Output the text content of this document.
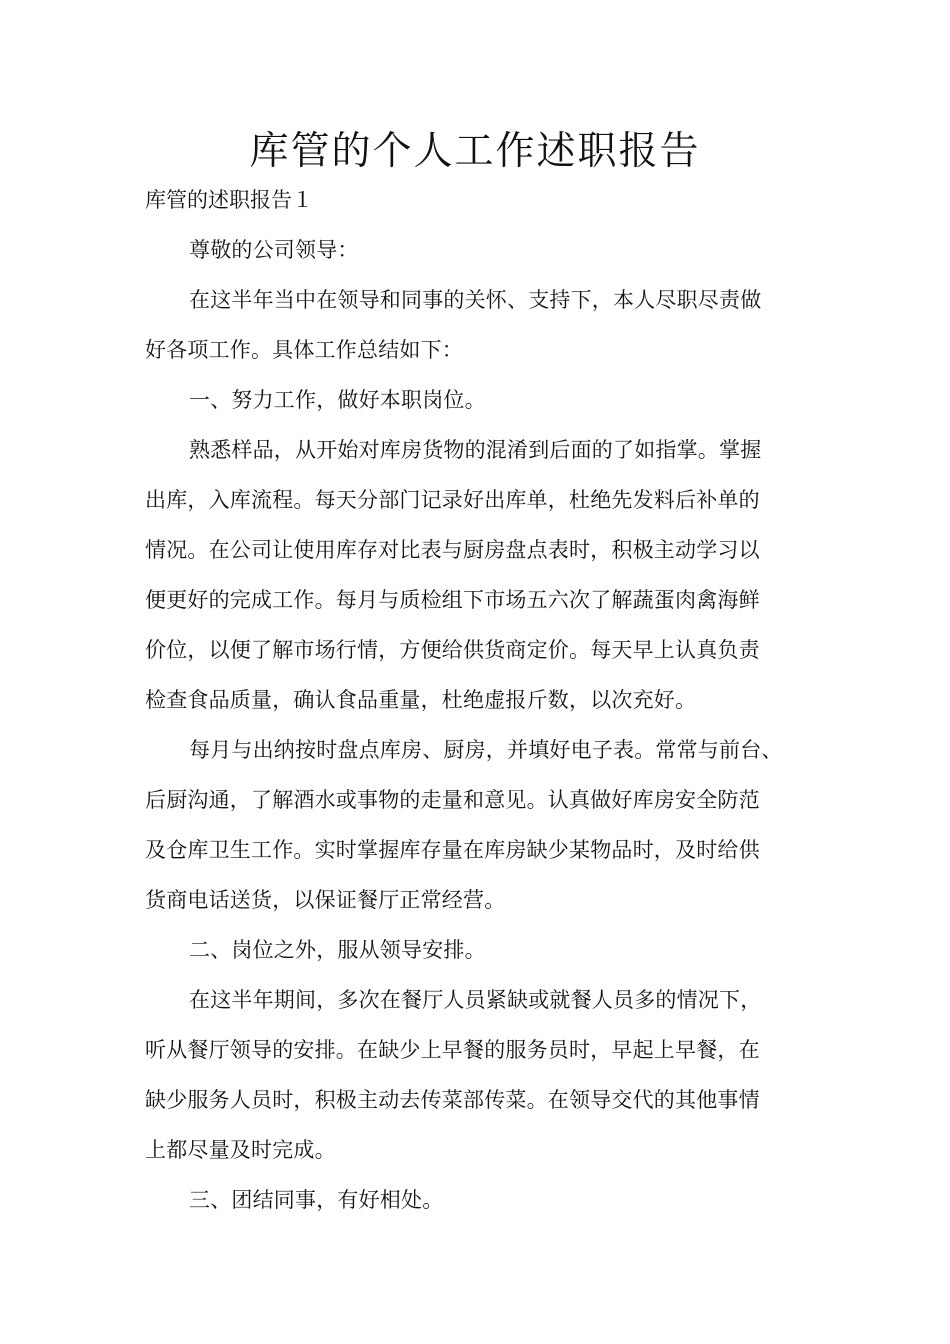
库管的个人工作述职报告

库管的述职报告１

尊敬的公司领导：

在这半年当中在领导和同事的关怀、支持下，本人尽职尽责做

好各项工作。具体工作总结如下：

一、努力工作，做好本职岗位。

熟悉样品，从开始对库房货物的混淆到后面的了如指掌。掌握

出库，入库流程。每天分部门记录好出库单，杜绝先发料后补单的

情况。在公司让使用库存对比表与厨房盘点表时，积极主动学习以

便更好的完成工作。每月与质检组下市场五六次了解蔬蛋肉禽海鲜

价位，以便了解市场行情，方便给供货商定价。每天早上认真负责

检查食品质量，确认食品重量，杜绝虚报斤数，以次充好。

每月与出纳按时盘点库房、厨房，并填好电子表。常常与前台、

后厨沟通，了解酒水或事物的走量和意见。认真做好库房安全防范

及仓库卫生工作。实时掌握库存量在库房缺少某物品时，及时给供

货商电话送货，以保证餐厅正常经营。

二、岗位之外，服从领导安排。

在这半年期间，多次在餐厅人员紧缺或就餐人员多的情况下，

听从餐厅领导的安排。在缺少上早餐的服务员时，早起上早餐，在

缺少服务人员时，积极主动去传菜部传菜。在领导交代的其他事情

上都尽量及时完成。

三、团结同事，有好相处。
